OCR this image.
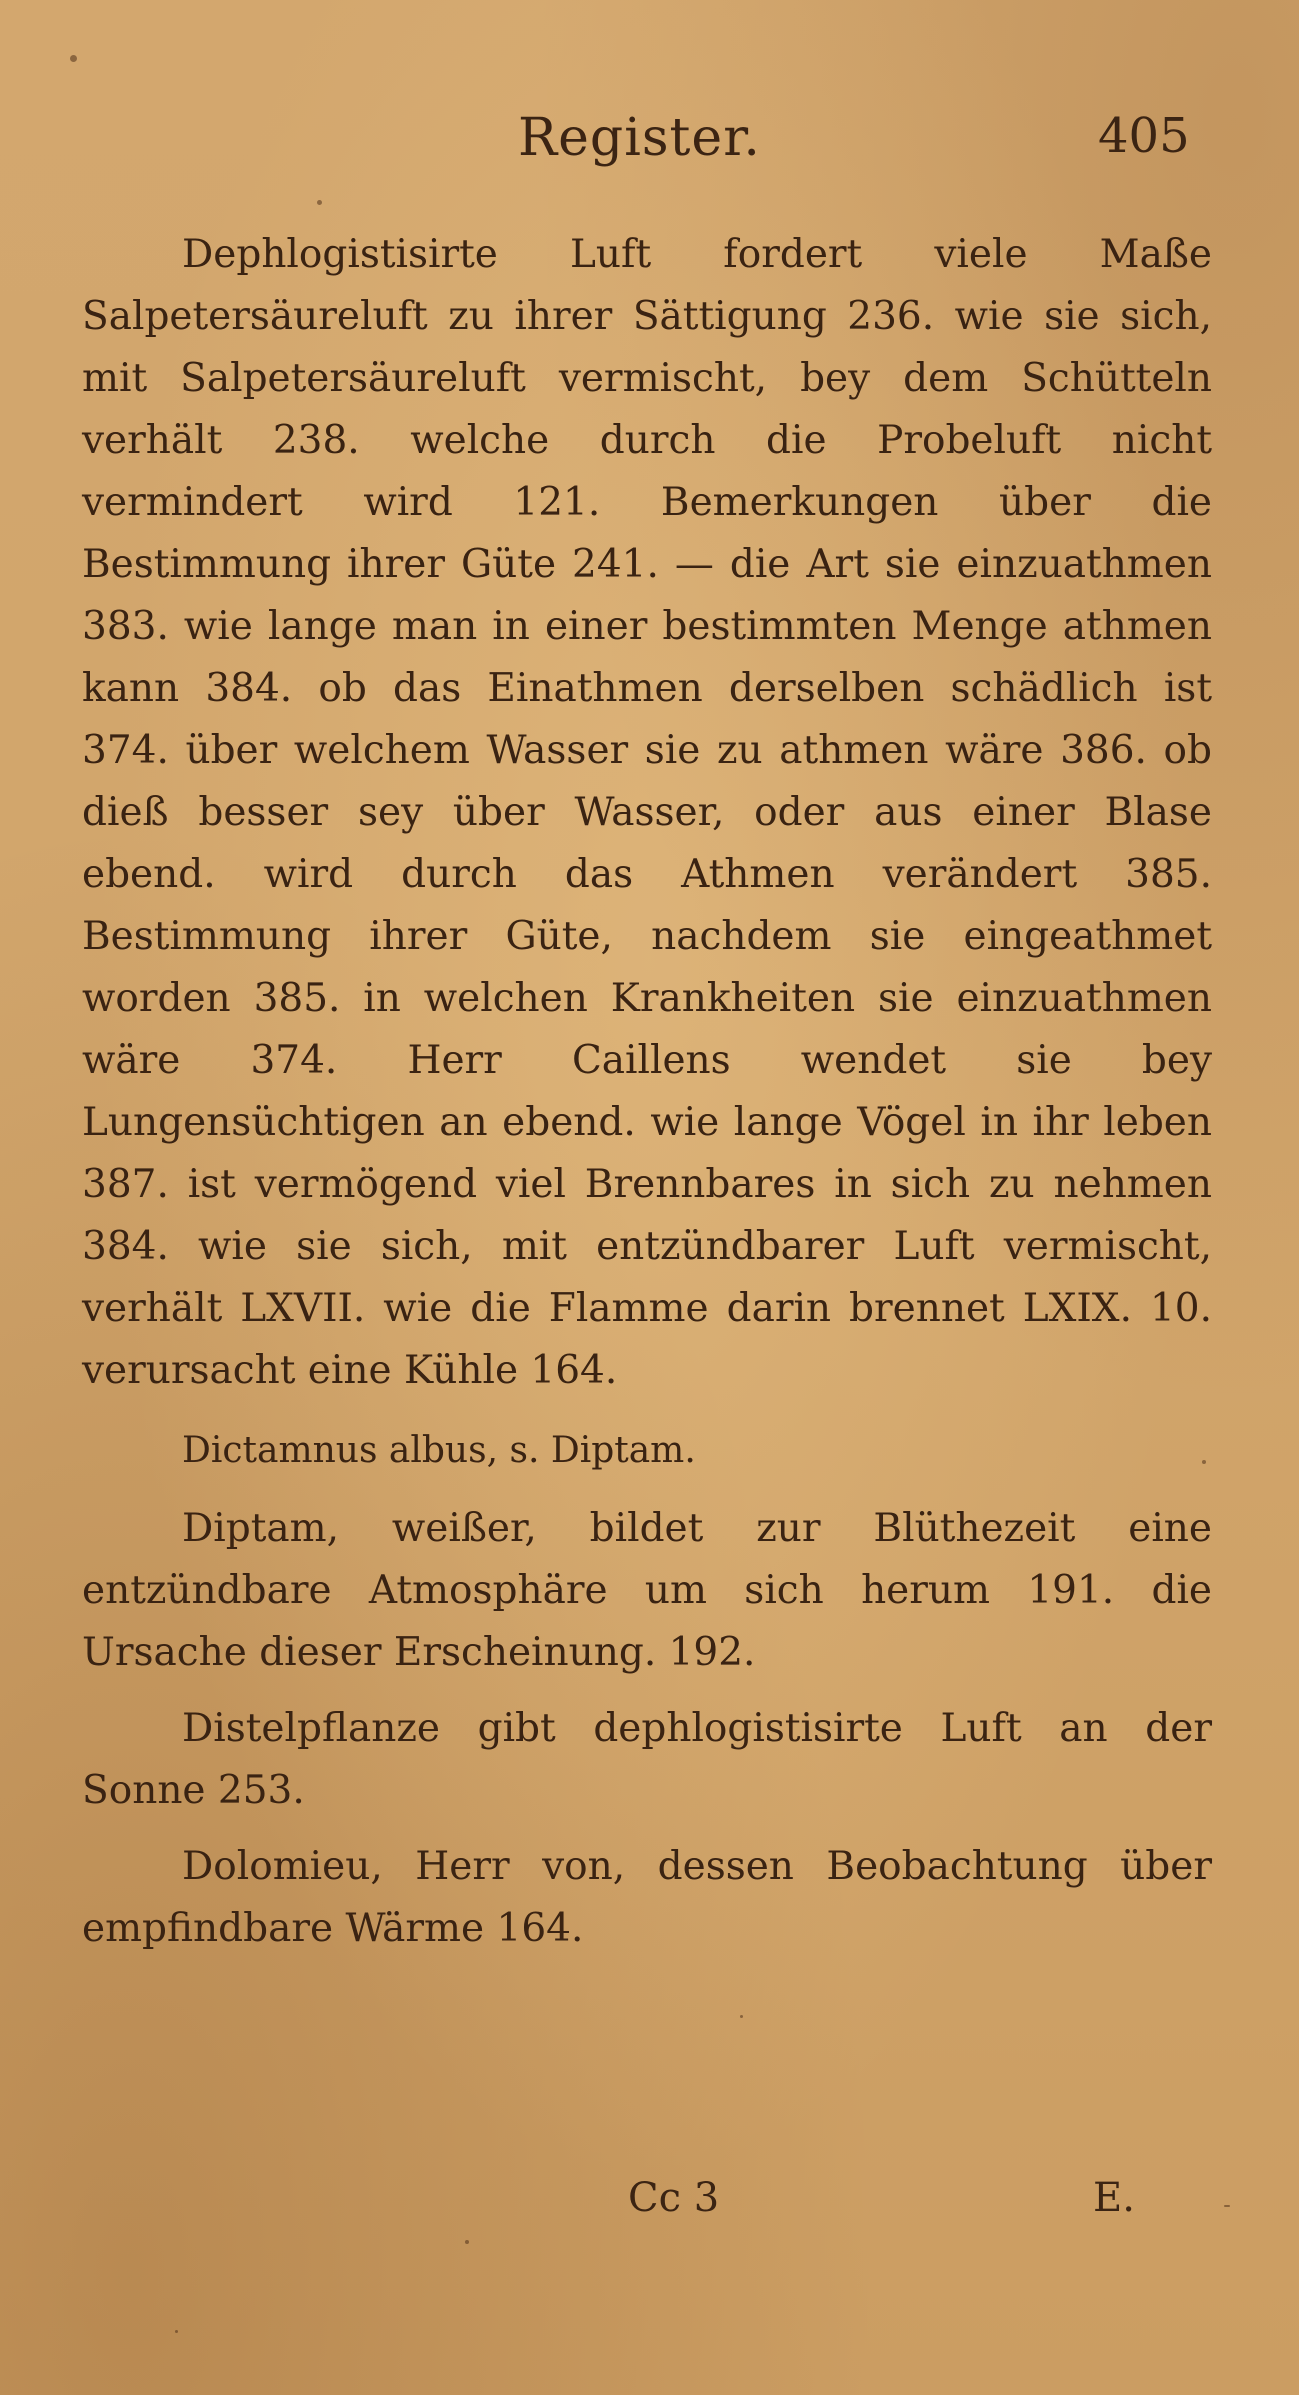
Register.	405

Dephlogistisirte Luft fordert viele Maße Salpetersäureluft zu ihrer Sättigung 236. wie sie sich, mit Salpetersäureluft vermischt, bey dem Schütteln verhält 238. welche durch die Probeluft nicht vermindert wird 121. Bemerkungen über die Bestimmung ihrer Güte 241. — die Art sie einzuathmen 383. wie lange man in einer bestimmten Menge athmen kann 384. ob das Einathmen derselben schädlich ist 374. über welchem Wasser sie zu athmen wäre 386. ob dieß besser sey über Wasser, oder aus einer Blase ebend. wird durch das Athmen verändert 385. Bestimmung ihrer Güte, nachdem sie eingeathmet worden 385. in welchen Krankheiten sie einzuathmen wäre 374. Herr Caillens wendet sie bey Lungensüchtigen an ebend. wie lange Vögel in ihr leben 387. ist vermögend viel Brennbares in sich zu nehmen 384. wie sie sich, mit entzündbarer Luft vermischt, verhält LXVII. wie die Flamme darin brennet LXIX. 10. verursacht eine Kühle 164.

Dictamnus albus, s. Diptam.

Diptam, weißer, bildet zur Blüthezeit eine entzündbare Atmosphäre um sich herum 191. die Ursache dieser Erscheinung. 192.

Distelpflanze gibt dephlogistisirte Luft an der Sonne 253.

Dolomieu, Herr von, dessen Beobachtung über empfindbare Wärme 164.

Cc 3	E.
